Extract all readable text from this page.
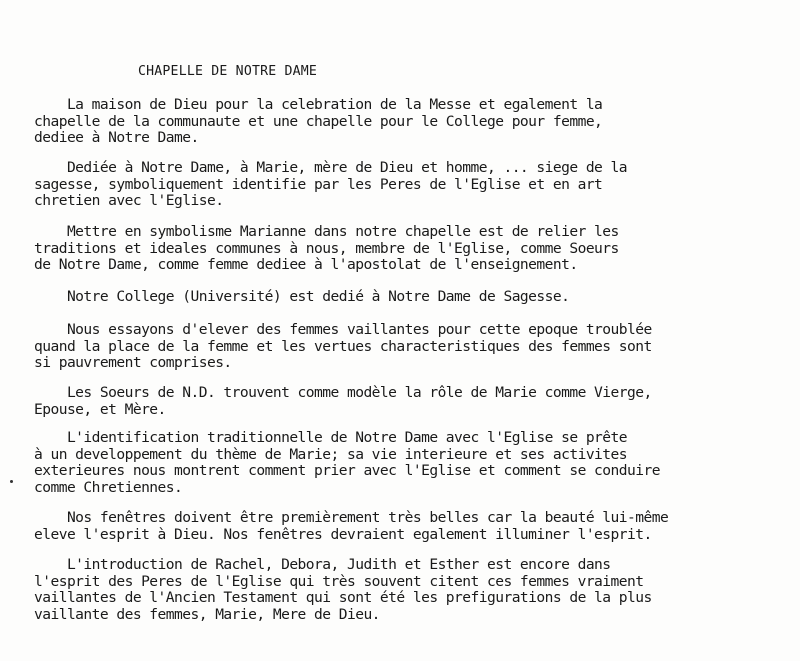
CHAPELLE DE NOTRE DAME
La maison de Dieu pour la celebration de la Messe et egalement la
chapelle de la communaute et une chapelle pour le College pour femme,
dediee à Notre Dame.
Dediée à Notre Dame, à Marie, mère de Dieu et homme, ... siege de la
sagesse, symboliquement identifie par les Peres de l'Eglise et en art
chretien avec l'Eglise.
Mettre en symbolisme Marianne dans notre chapelle est de relier les
traditions et ideales communes à nous, membre de l'Eglise, comme Soeurs
de Notre Dame, comme femme dediee à l'apostolat de l'enseignement.
Notre College (Université) est dedié à Notre Dame de Sagesse.
Nous essayons d'elever des femmes vaillantes pour cette epoque troublée
quand la place de la femme et les vertues characteristiques des femmes sont
si pauvrement comprises.
Les Soeurs de N.D. trouvent comme modèle la rôle de Marie comme Vierge,
Epouse, et Mère.
L'identification traditionnelle de Notre Dame avec l'Eglise se prête
à un developpement du thème de Marie; sa vie interieure et ses activites
exterieures nous montrent comment prier avec l'Eglise et comment se conduire
comme Chretiennes.
Nos fenêtres doivent être premièrement très belles car la beauté lui-même
eleve l'esprit à Dieu. Nos fenêtres devraient egalement illuminer l'esprit.
L'introduction de Rachel, Debora, Judith et Esther est encore dans
l'esprit des Peres de l'Eglise qui très souvent citent ces femmes vraiment
vaillantes de l'Ancien Testament qui sont été les prefigurations de la plus
vaillante des femmes, Marie, Mere de Dieu.
